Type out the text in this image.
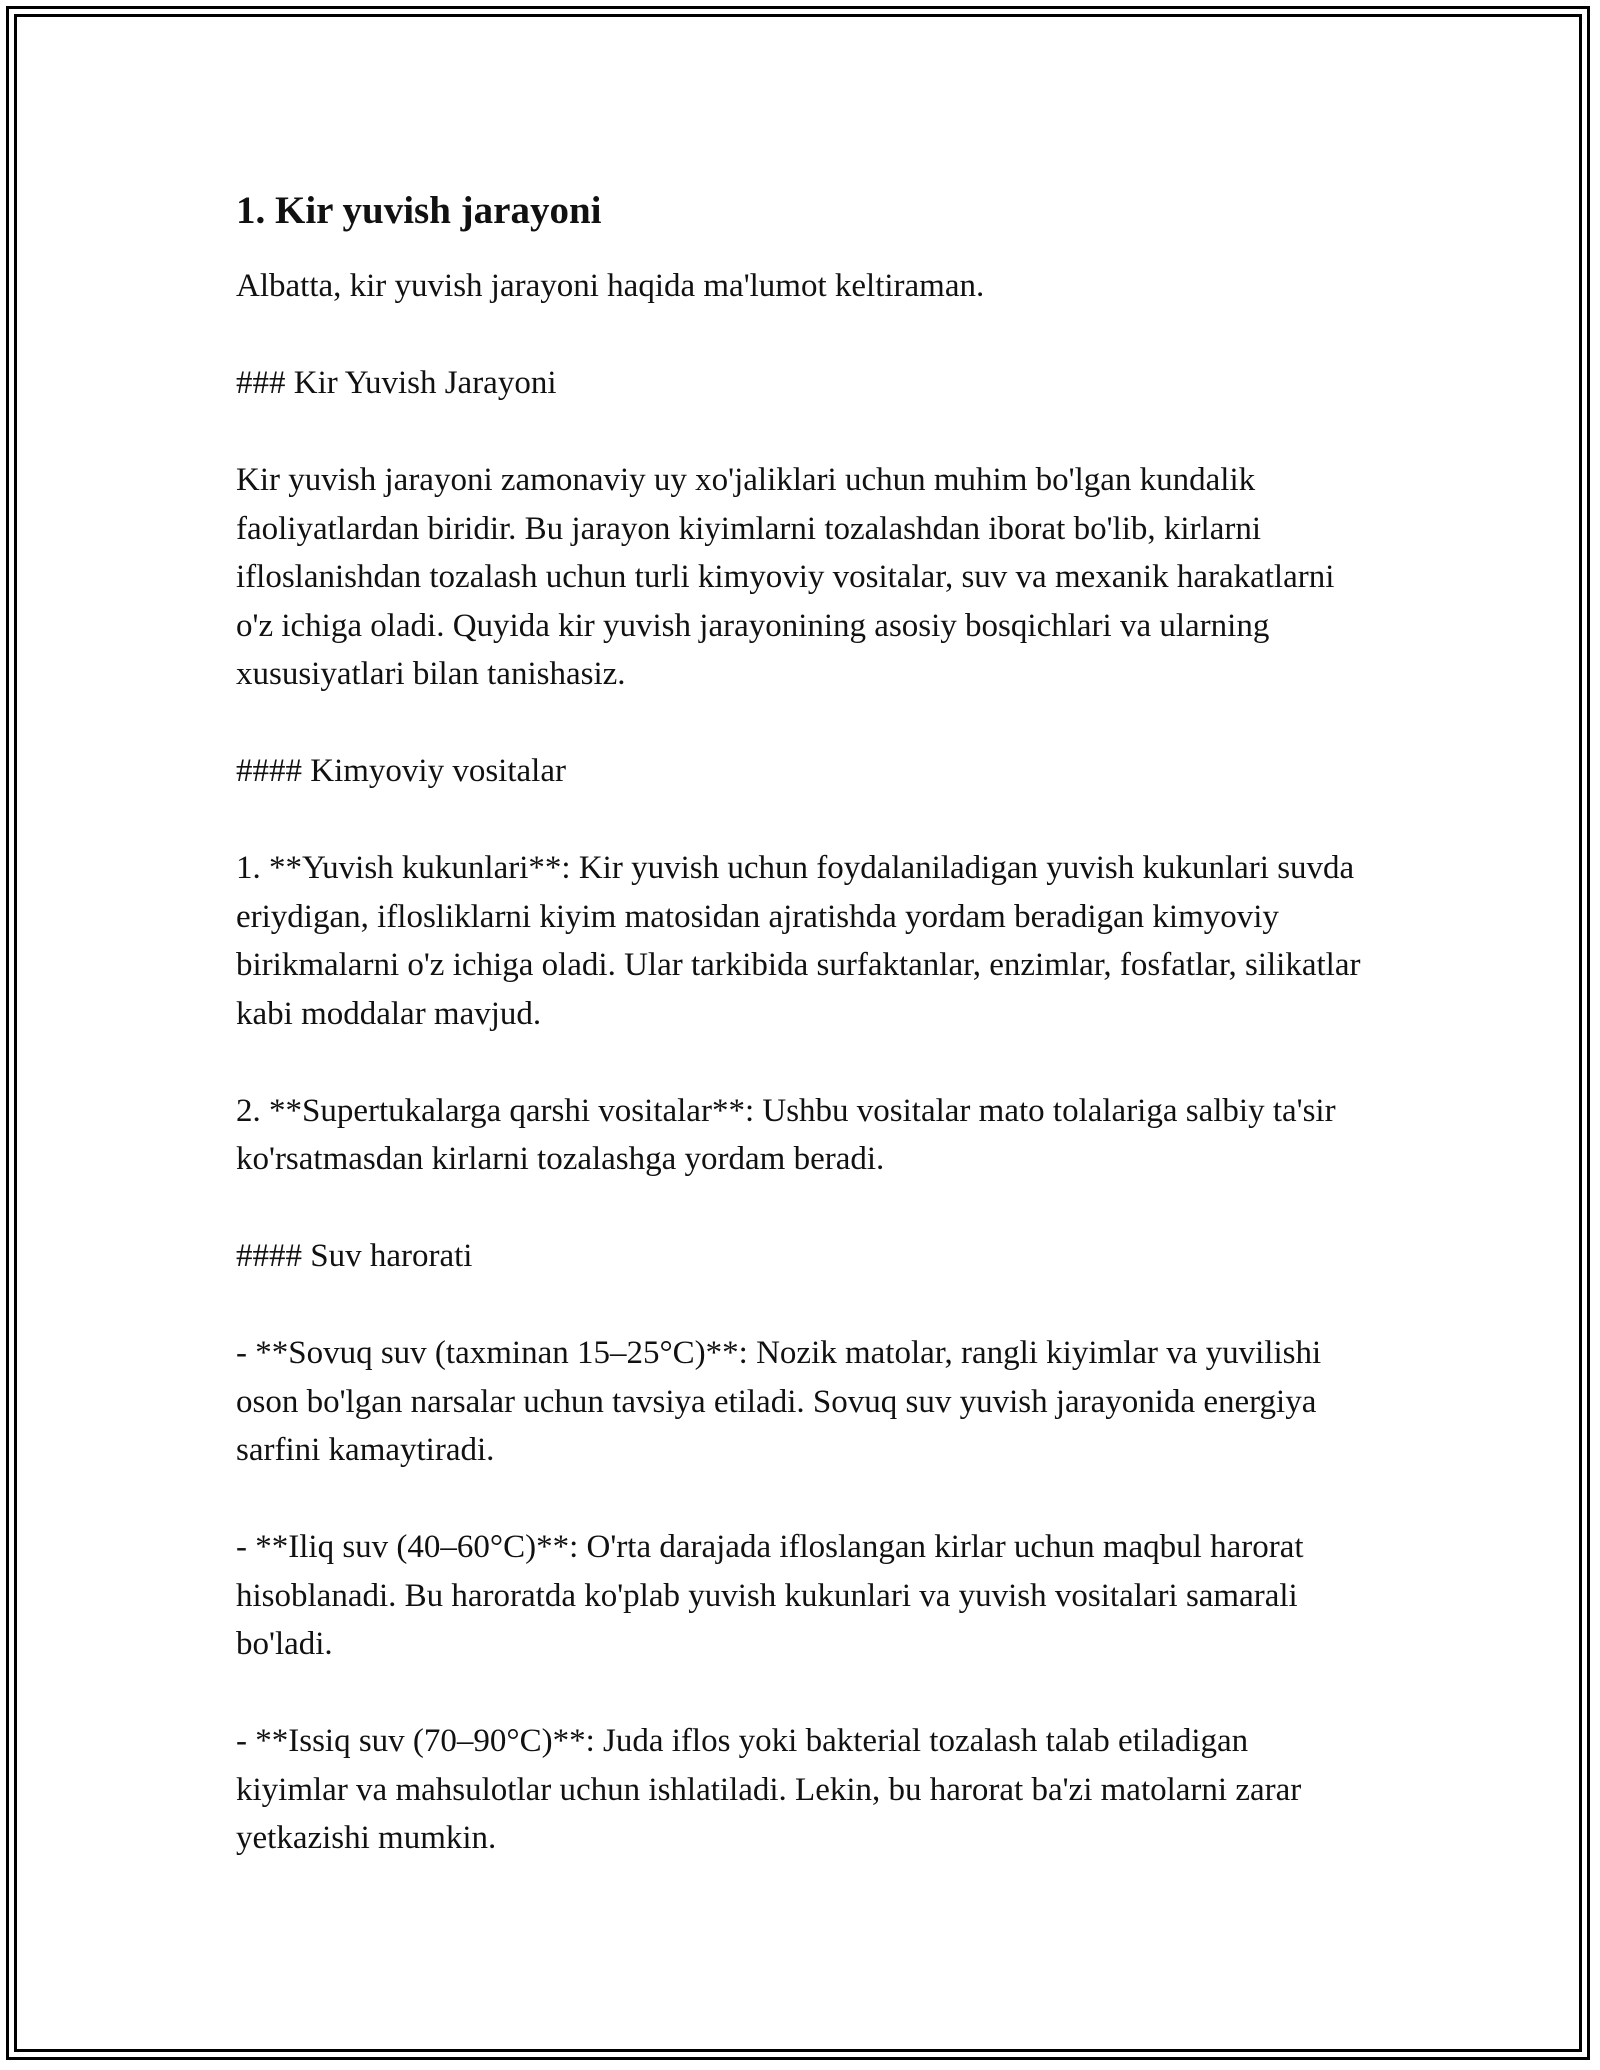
1. Kir yuvish jarayoni

Albatta, kir yuvish jarayoni haqida ma'lumot keltiraman.

### Kir Yuvish Jarayoni

Kir yuvish jarayoni zamonaviy uy xo'jaliklari uchun muhim bo'lgan kundalik faoliyatlardan biridir. Bu jarayon kiyimlarni tozalashdan iborat bo'lib, kirlarni ifloslanishdan tozalash uchun turli kimyoviy vositalar, suv va mexanik harakatlarni o'z ichiga oladi. Quyida kir yuvish jarayonining asosiy bosqichlari va ularning xususiyatlari bilan tanishasiz.

#### Kimyoviy vositalar

1. **Yuvish kukunlari**: Kir yuvish uchun foydalaniladigan yuvish kukunlari suvda eriydigan, iflosliklarni kiyim matosidan ajratishda yordam beradigan kimyoviy birikmalarni o'z ichiga oladi. Ular tarkibida surfaktanlar, enzimlar, fosfatlar, silikatlar kabi moddalar mavjud.

2. **Supertukalarga qarshi vositalar**: Ushbu vositalar mato tolalariga salbiy ta'sir ko'rsatmasdan kirlarni tozalashga yordam beradi.

#### Suv harorati

- **Sovuq suv (taxminan 15–25°C)**: Nozik matolar, rangli kiyimlar va yuvilishi oson bo'lgan narsalar uchun tavsiya etiladi. Sovuq suv yuvish jarayonida energiya sarfini kamaytiradi.

- **Iliq suv (40–60°C)**: O'rta darajada ifloslangan kirlar uchun maqbul harorat hisoblanadi. Bu haroratda ko'plab yuvish kukunlari va yuvish vositalari samarali bo'ladi.

- **Issiq suv (70–90°C)**: Juda iflos yoki bakterial tozalash talab etiladigan kiyimlar va mahsulotlar uchun ishlatiladi. Lekin, bu harorat ba'zi matolarni zarar yetkazishi mumkin.
